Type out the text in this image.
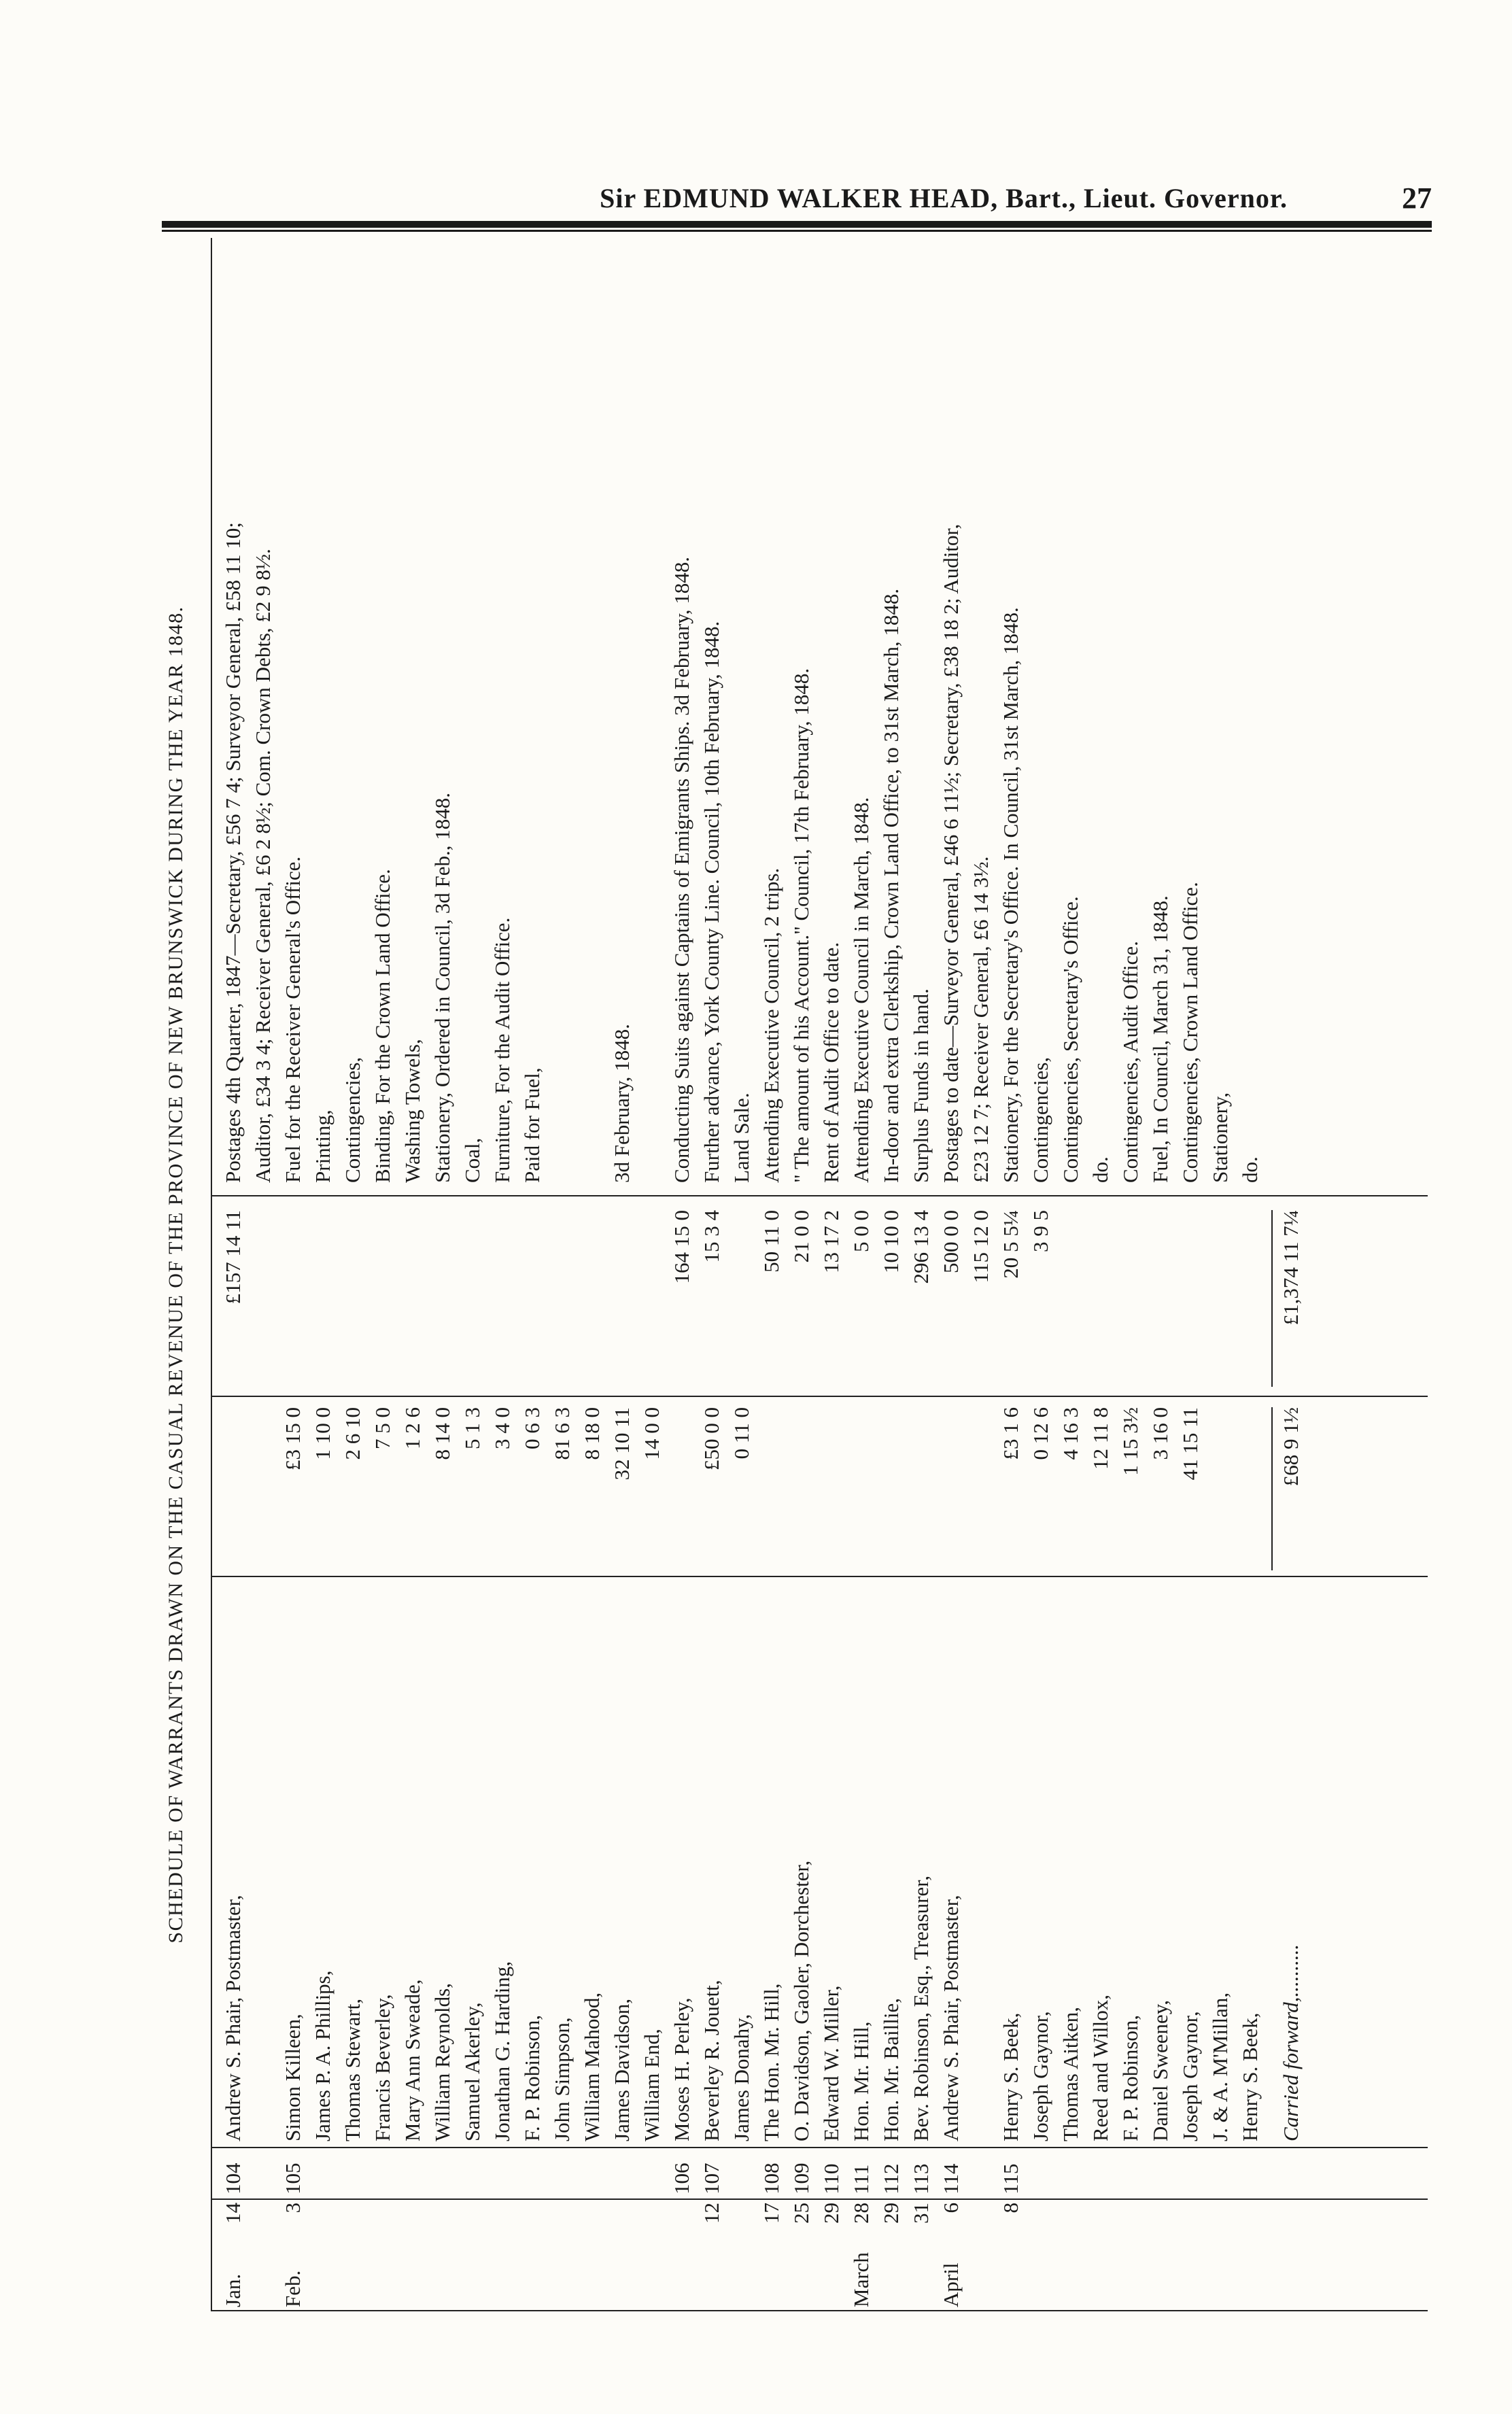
Sir EDMUND WALKER HEAD, Bart., Lieut. Governor.	27
SCHEDULE OF WARRANTS DRAWN ON THE CASUAL REVENUE OF THE PROVINCE OF NEW BRUNSWICK DURING THE YEAR 1848.
Jan.
14
104
Andrew S. Phair, Postmaster,
£157 14 11
Postages 4th Quarter, 1847—Secretary, £56 7 4; Surveyor General, £58 11 10; Auditor, £34 3 4; Receiver General, £6 2 8½; Com. Crown Debts, £2 9 8½.
Feb.
3
105
Simon Killeen,
£3 15 0
Fuel for the Receiver General's Office.
James P. A. Phillips,
1 10 0
Printing,
Thomas Stewart,
2 6 10
Contingencies,
Francis Beverley,
7 5 0
Binding, For the Crown Land Office.
Mary Ann Sweade,
1 2 6
Washing Towels,
William Reynolds,
8 14 0
Stationery, Ordered in Council, 3d Feb., 1848.
Samuel Akerley,
5 1 3
Coal,
Jonathan G. Harding,
3 4 0
Furniture, For the Audit Office.
F. P. Robinson,
0 6 3
Paid for Fuel,
John Simpson,
81 6 3
William Mahood,
8 18 0
James Davidson,
32 10 11
3d February, 1848.
William End,
14 0 0
106
Moses H. Perley,
164 15 0
Conducting Suits against Captains of Emigrants Ships. 3d February, 1848.
12
107
Beverley R. Jouett,
£50 0 0
15 3 4
Further advance, York County Line. Council, 10th February, 1848.
James Donahy,
0 11 0
Land Sale.
17
108
The Hon. Mr. Hill,
50 11 0
Attending Executive Council, 2 trips.
25
109
O. Davidson, Gaoler, Dorchester,
21 0 0
" The amount of his Account." Council, 17th February, 1848.
29
110
Edward W. Miller,
13 17 2
Rent of Audit Office to date.
March
28
111
Hon. Mr. Hill,
5 0 0
Attending Executive Council in March, 1848.
29
112
Hon. Mr. Baillie,
10 10 0
In-door and extra Clerkship, Crown Land Office, to 31st March, 1848.
31
113
Bev. Robinson, Esq., Treasurer,
296 13 4
Surplus Funds in hand.
April
6
114
Andrew S. Phair, Postmaster,
500 0 0
Postages to date—Surveyor General, £46 6 11½; Secretary, £38 18 2; Auditor,
115 12 0
£23 12 7; Receiver General, £6 14 3½.
8
115
Henry S. Beek,
£3 1 6
20 5 5¼
Stationery, For the Secretary's Office. In Council, 31st March, 1848.
Joseph Gaynor,
0 12 6
3 9 5
Contingencies,
Thomas Aitken,
4 16 3
Contingencies, Secretary's Office.
Reed and Willox,
12 11 8
do.
F. P. Robinson,
1 15 3½
Contingencies, Audit Office.
Daniel Sweeney,
3 16 0
Fuel, In Council, March 31, 1848.
Joseph Gaynor,
41 15 11
Contingencies, Crown Land Office.
J. & A. M'Millan,
Stationery,
Henry S. Beek,
do.
Carried forward,..........
£68 9 1½
£1,374 11 7¼
